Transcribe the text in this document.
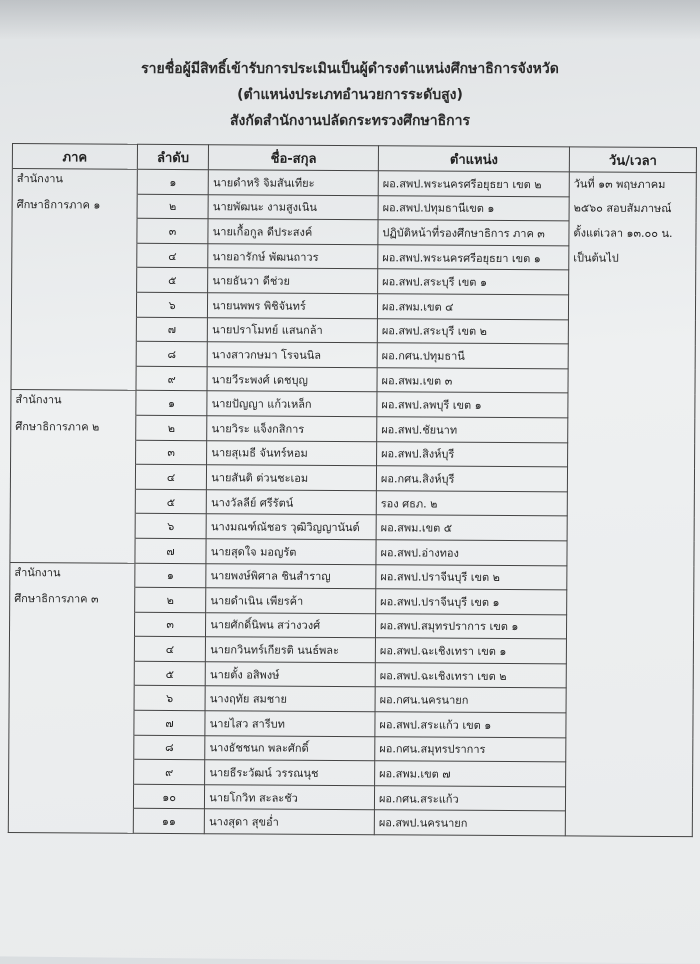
รายชื่อผู้มีสิทธิ์เข้ารับการประเมินเป็นผู้ดำรงตำแหน่งศึกษาธิการจังหวัด
(ตำแหน่งประเภทอำนวยการระดับสูง)
สังกัดสำนักงานปลัดกระทรวงศึกษาธิการ
ภาค	ลำดับ	ชื่อ-สกุล	ตำแหน่ง	วัน/เวลา

สำนักงาน	๑	นายดำหริ จิมสันเทียะ	ผอ.สพป.พระนครศรีอยุธยา เขต ๒	วันที่ ๑๓ พฤษภาคม

ศึกษาธิการภาค ๑	๒	นายพัฒนะ งามสูงเนิน	ผอ.สพป.ปทุมธานีเขต ๑	๒๕๖๐ สอบสัมภาษณ์
	๓	นายเกื้อกูล ดีประสงค์	ปฏิบัติหน้าที่รองศึกษาธิการ ภาค ๓	ตั้งแต่เวลา ๑๓.๐๐ น.
	๔	นายอารักษ์ พัฒนถาวร	ผอ.สพป.พระนครศรีอยุธยา เขต ๑	เป็นต้นไป
	๕	นายธันวา ดีช่วย	ผอ.สพป.สระบุรี เขต ๑	
	๖	นายนพพร พิชิจันทร์	ผอ.สพม.เขต ๔	
	๗	นายปราโมทย์ แสนกล้า	ผอ.สพป.สระบุรี เขต ๒	
	๘	นางสาวกษมา โรจนนิล	ผอ.กศน.ปทุมธานี	
	๙	นายวีระพงศ์ เดชบุญ	ผอ.สพม.เขต ๓	

สำนักงาน	๑	นายปัญญา แก้วเหล็ก	ผอ.สพป.ลพบุรี เขต ๑	

ศึกษาธิการภาค ๒	๒	นายวิระ แจ็งกสิการ	ผอ.สพป.ชัยนาท	
	๓	นายสุเมธี จันทร์หอม	ผอ.สพป.สิงห์บุรี	
	๔	นายสันติ ต่วนชะเอม	ผอ.กศน.สิงห์บุรี	
	๕	นางวัลลีย์ ศรีรัตน์	รอง ศธภ. ๒	
	๖	นางมณฑ์ณัชอร วุฒิวิญญานันต์	ผอ.สพม.เขต ๕	
	๗	นายสุดใจ มอญรัต	ผอ.สพป.อ่างทอง	

สำนักงาน	๑	นายพงษ์พิศาล ชินสำราญ	ผอ.สพป.ปราจีนบุรี เขต ๒	

ศึกษาธิการภาค ๓	๒	นายดำเนิน เพียรค้า	ผอ.สพป.ปราจีนบุรี เขต ๑	
	๓	นายศักดิ์นิพน สว่างวงศ์	ผอ.สพป.สมุทรปราการ เขต ๑	
	๔	นายกวินทร์เกียรติ นนธ์พละ	ผอ.สพป.ฉะเชิงเทรา เขต ๑	
	๕	นายตั้ง อสิพงษ์	ผอ.สพป.ฉะเชิงเทรา เขต ๒	
	๖	นางฤทัย สมชาย	ผอ.กศน.นครนายก	
	๗	นายไสว สารีบท	ผอ.สพป.สระแก้ว เขต ๑	
	๘	นางธัชชนก พละศักดิ์	ผอ.กศน.สมุทรปราการ	
	๙	นายธีระวัฒน์ วรรณนุช	ผอ.สพม.เขต ๗	
	๑๐	นายโกวิท สะละชัว	ผอ.กศน.สระแก้ว	
	๑๑	นางสุดา สุขอ่ำ	ผอ.สพป.นครนายก	
